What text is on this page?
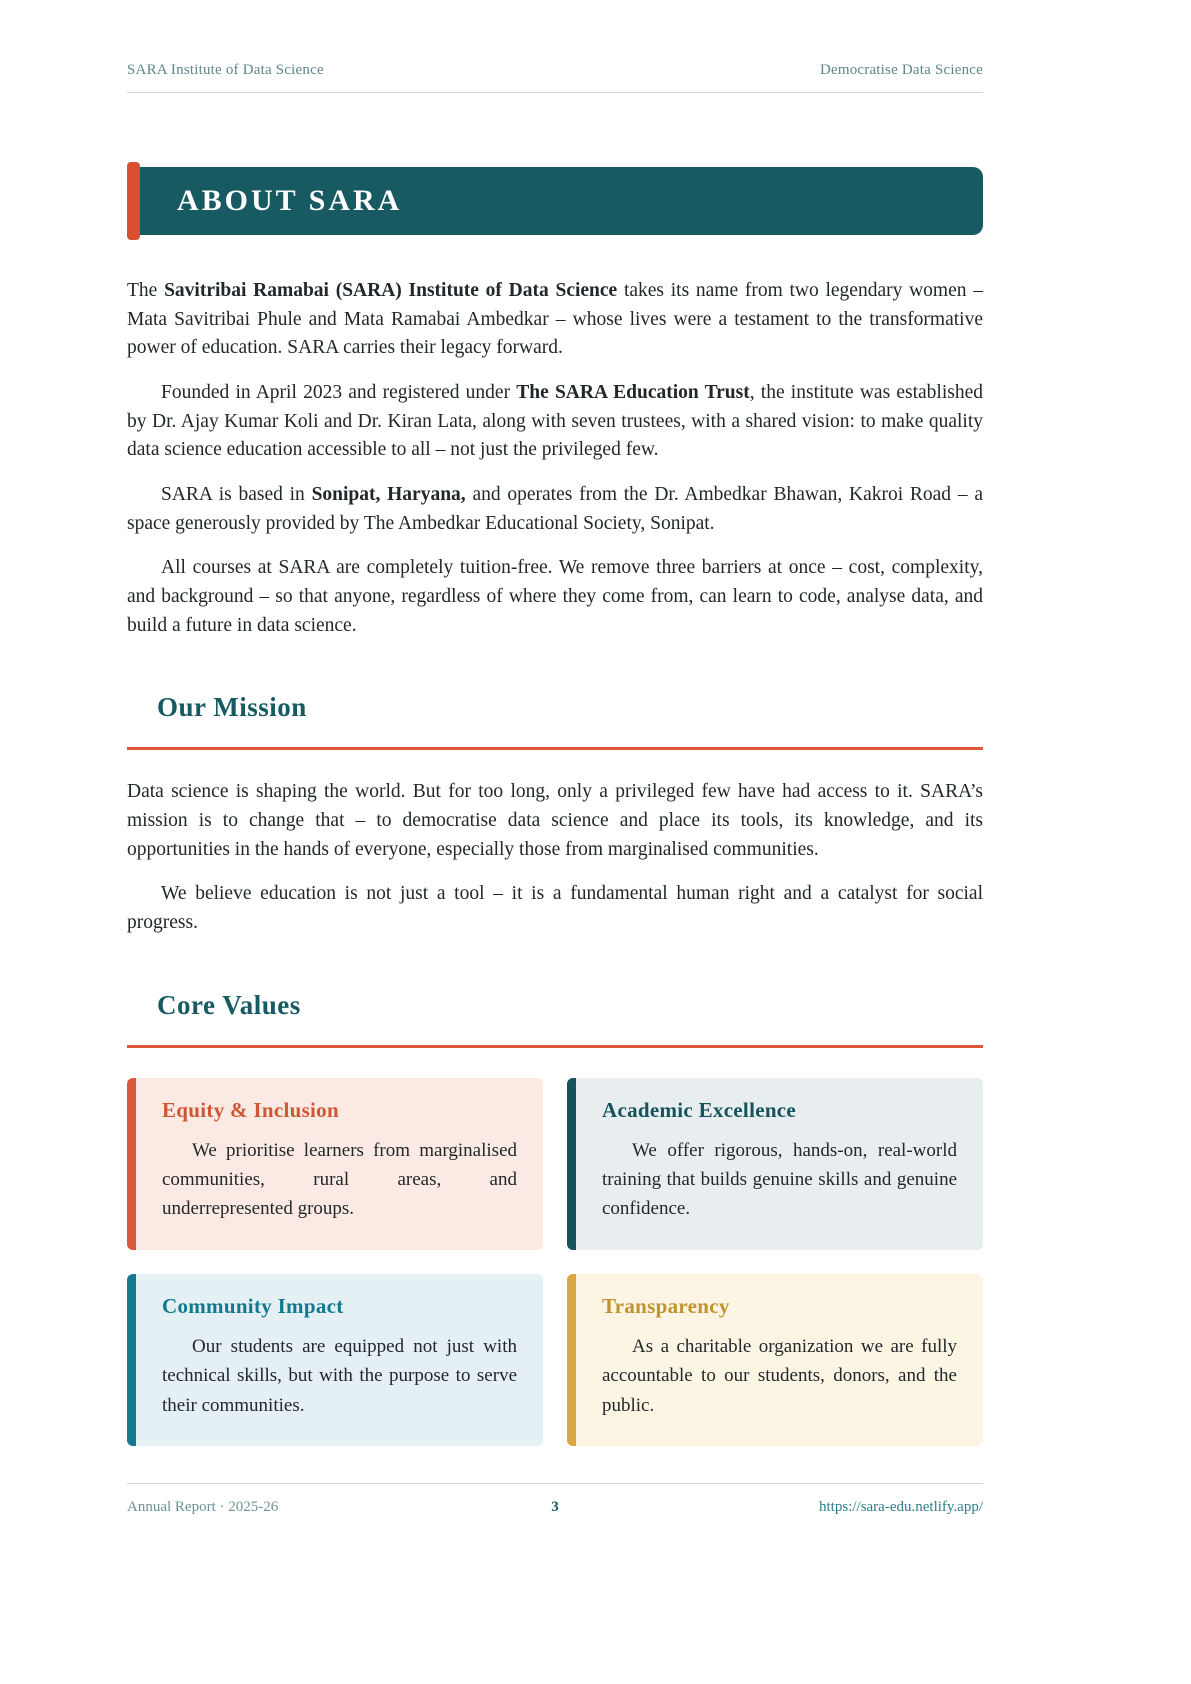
SARA Institute of Data Science	Democratise Data Science
ABOUT SARA

The Savitribai Ramabai (SARA) Institute of Data Science takes its name from two legendary women – Mata Savitribai Phule and Mata Ramabai Ambedkar – whose lives were a testament to the transformative power of education. SARA carries their legacy forward.

Founded in April 2023 and registered under The SARA Education Trust, the institute was established by Dr. Ajay Kumar Koli and Dr. Kiran Lata, along with seven trustees, with a shared vision: to make quality data science education accessible to all – not just the privileged few.

SARA is based in Sonipat, Haryana, and operates from the Dr. Ambedkar Bhawan, Kakroi Road – a space generously provided by The Ambedkar Educational Society, Sonipat.

All courses at SARA are completely tuition-free. We remove three barriers at once – cost, complexity, and background – so that anyone, regardless of where they come from, can learn to code, analyse data, and build a future in data science.

Our Mission

Data science is shaping the world. But for too long, only a privileged few have had access to it. SARA’s mission is to change that – to democratise data science and place its tools, its knowledge, and its opportunities in the hands of everyone, especially those from marginalised communities.

We believe education is not just a tool – it is a fundamental human right and a catalyst for social progress.

Core Values
Equity & Inclusion

We prioritise learners from marginalised communities, rural areas, and underrepresented groups.

Academic Excellence

We offer rigorous, hands-on, real-world training that builds genuine skills and genuine confidence.

Community Impact

Our students are equipped not just with technical skills, but with the purpose to serve their communities.

Transparency

As a charitable organization we are fully accountable to our students, donors, and the public.

Annual Report · 2025-26	3	https://sara-edu.netlify.app/
